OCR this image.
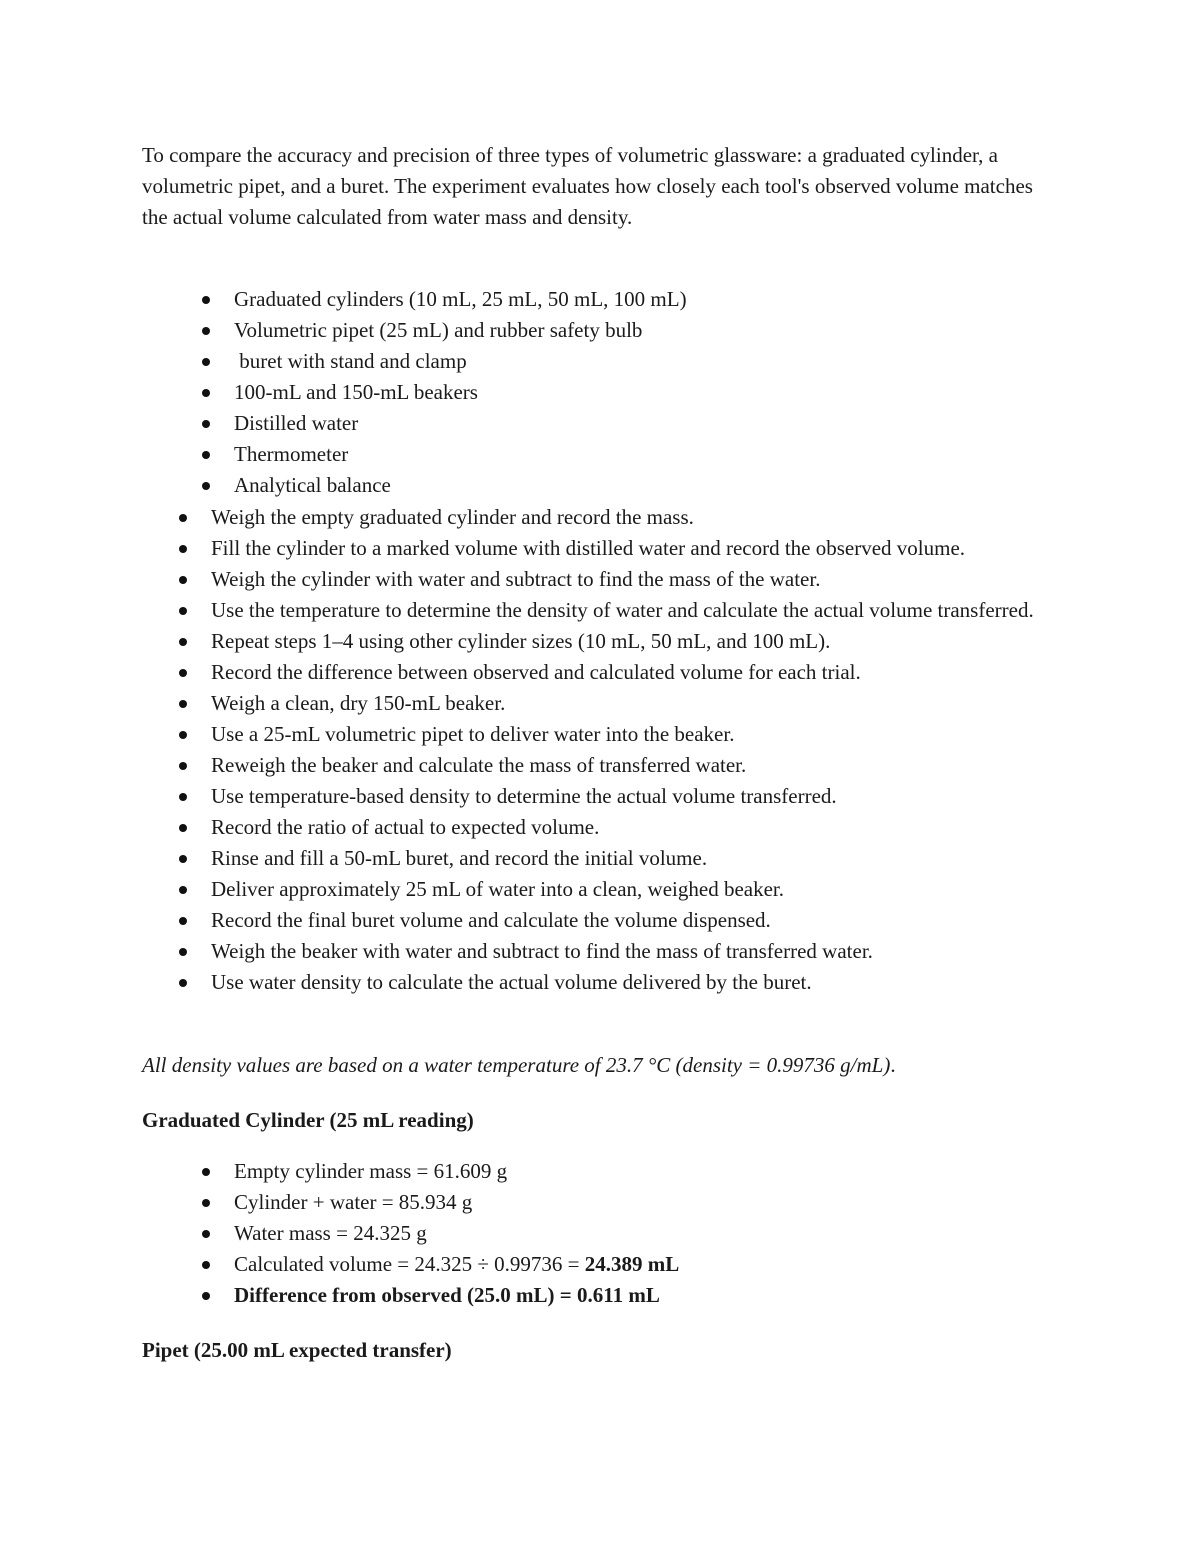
To compare the accuracy and precision of three types of volumetric glassware: a graduated cylinder, a volumetric pipet, and a buret. The experiment evaluates how closely each tool's observed volume matches the actual volume calculated from water mass and density.

Graduated cylinders (10 mL, 25 mL, 50 mL, 100 mL)
Volumetric pipet (25 mL) and rubber safety bulb
buret with stand and clamp
100-mL and 150-mL beakers
Distilled water
Thermometer
Analytical balance
Weigh the empty graduated cylinder and record the mass.
Fill the cylinder to a marked volume with distilled water and record the observed volume.
Weigh the cylinder with water and subtract to find the mass of the water.
Use the temperature to determine the density of water and calculate the actual volume transferred.
Repeat steps 1–4 using other cylinder sizes (10 mL, 50 mL, and 100 mL).
Record the difference between observed and calculated volume for each trial.
Weigh a clean, dry 150-mL beaker.
Use a 25-mL volumetric pipet to deliver water into the beaker.
Reweigh the beaker and calculate the mass of transferred water.
Use temperature-based density to determine the actual volume transferred.
Record the ratio of actual to expected volume.
Rinse and fill a 50-mL buret, and record the initial volume.
Deliver approximately 25 mL of water into a clean, weighed beaker.
Record the final buret volume and calculate the volume dispensed.
Weigh the beaker with water and subtract to find the mass of transferred water.
Use water density to calculate the actual volume delivered by the buret.

All density values are based on a water temperature of 23.7 °C (density = 0.99736 g/mL).

Graduated Cylinder (25 mL reading)
Empty cylinder mass = 61.609 g
Cylinder + water = 85.934 g
Water mass = 24.325 g
Calculated volume = 24.325 ÷ 0.99736 = 24.389 mL
Difference from observed (25.0 mL) = 0.611 mL
Pipet (25.00 mL expected transfer)
